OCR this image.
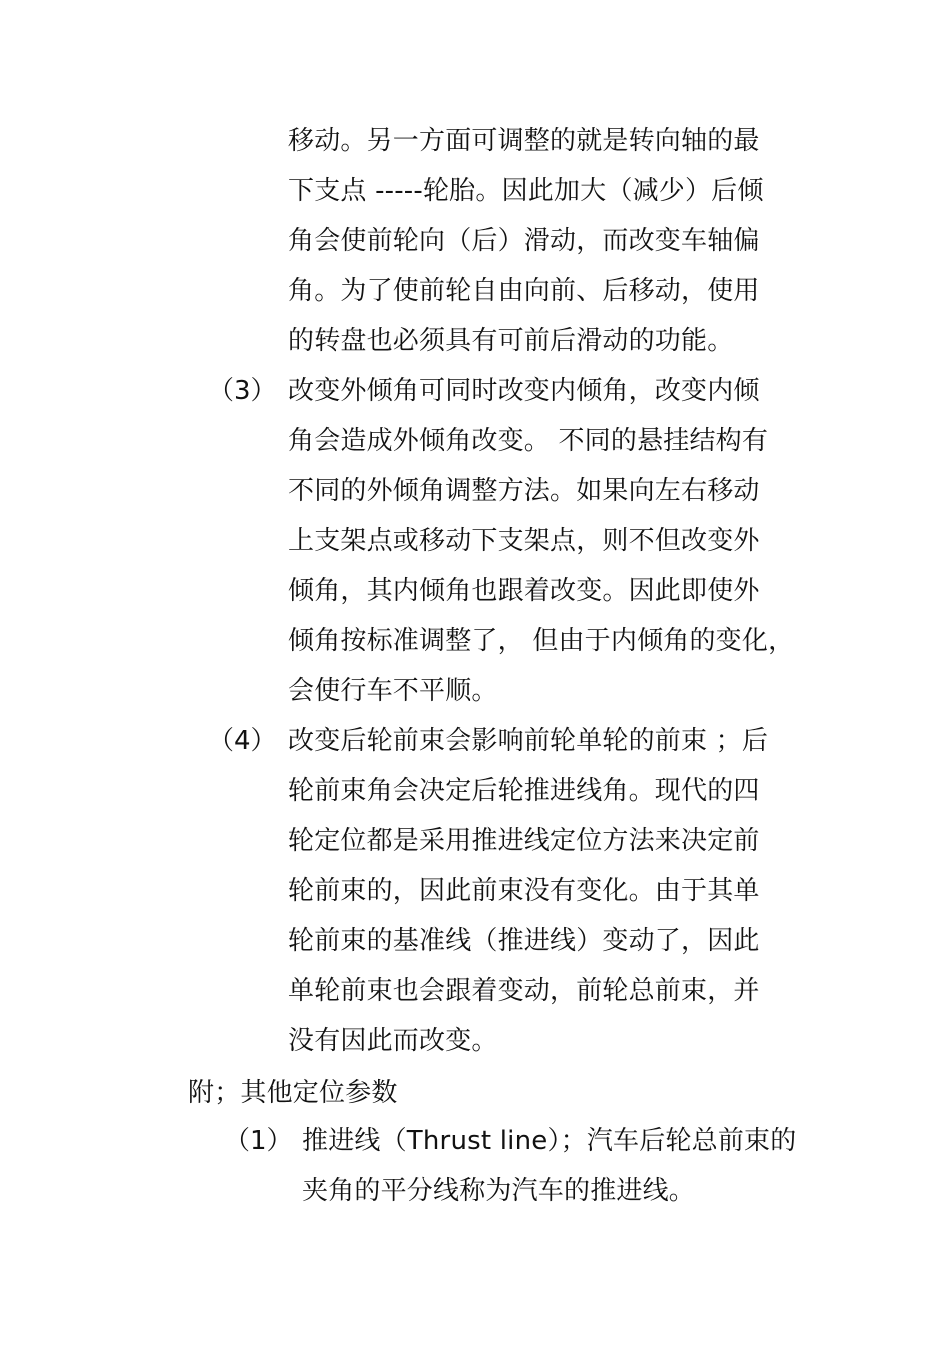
移动。另一方面可调整的就是转向轴的最
下支点 -----轮胎。因此加大（减少）后倾
角会使前轮向（后）滑动，而改变车轴偏
角。为了使前轮自由向前、后移动，使用
的转盘也必须具有可前后滑动的功能。
（3） 改变外倾角可同时改变内倾角，改变内倾
角会造成外倾角改变。 不同的悬挂结构有
不同的外倾角调整方法。如果向左右移动
上支架点或移动下支架点，则不但改变外
倾角，其内倾角也跟着改变。因此即使外
倾角按标准调整了， 但由于内倾角的变化，
会使行车不平顺。
（4） 改变后轮前束会影响前轮单轮的前束 ；后
轮前束角会决定后轮推进线角。现代的四
轮定位都是采用推进线定位方法来决定前
轮前束的，因此前束没有变化。由于其单
轮前束的基准线（推进线）变动了，因此
单轮前束也会跟着变动，前轮总前束，并
没有因此而改变。
附；其他定位参数
（1） 推进线（Thrust line）；汽车后轮总前束的
夹角的平分线称为汽车的推进线。
